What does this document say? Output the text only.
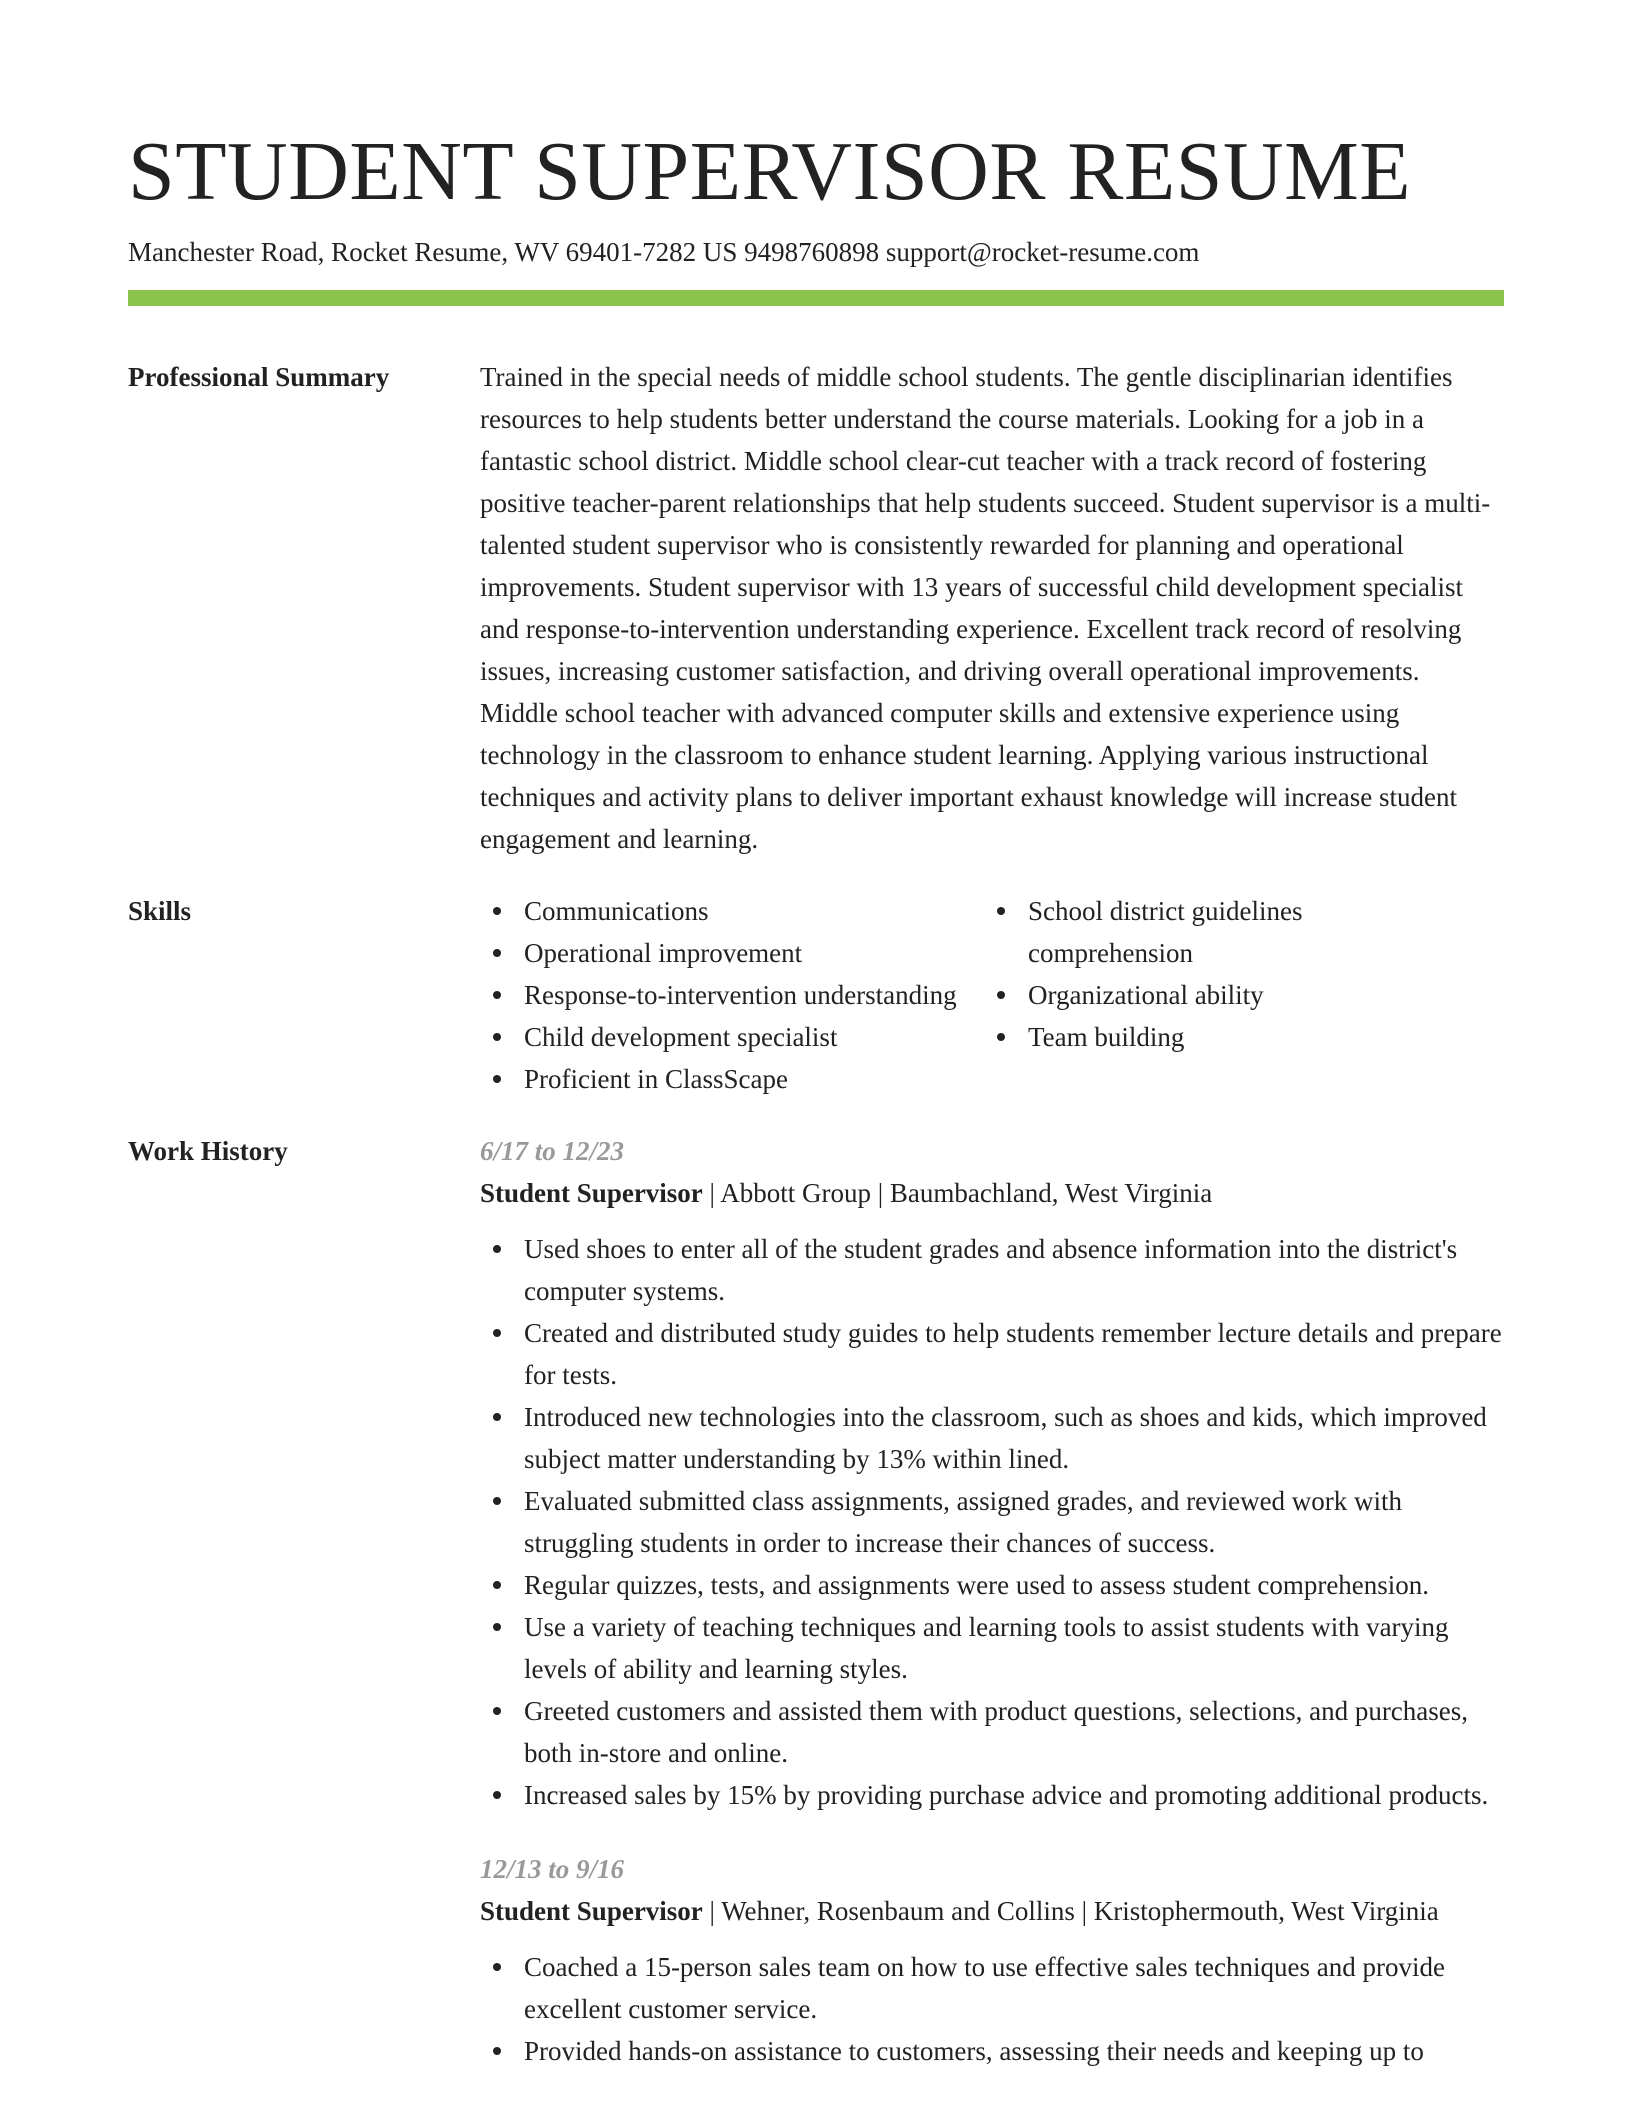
STUDENT SUPERVISOR RESUME
Manchester Road, Rocket Resume, WV 69401-7282 US 9498760898 support@rocket-resume.com
Professional Summary	Trained in the special needs of middle school students. The gentle disciplinarian identifies resources to help students better understand the course materials. Looking for a job in a fantastic school district. Middle school clear-cut teacher with a track record of fostering positive teacher-parent relationships that help students succeed. Student supervisor is a multi-talented student supervisor who is consistently rewarded for planning and operational improvements. Student supervisor with 13 years of successful child development specialist and response-to-intervention understanding experience. Excellent track record of resolving issues, increasing customer satisfaction, and driving overall operational improvements. Middle school teacher with advanced computer skills and extensive experience using technology in the classroom to enhance student learning. Applying various instructional techniques and activity plans to deliver important exhaust knowledge will increase student engagement and learning.
Skills	Communications
Operational improvement
Response-to-intervention understanding
Child development specialist
Proficient in ClassScape
School district guidelines comprehension
Organizational ability
Team building
Work History	6/17 to 12/23
Student Supervisor | Abbott Group | Baumbachland, West Virginia
Used shoes to enter all of the student grades and absence information into the district's computer systems.
Created and distributed study guides to help students remember lecture details and prepare for tests.
Introduced new technologies into the classroom, such as shoes and kids, which improved subject matter understanding by 13% within lined.
Evaluated submitted class assignments, assigned grades, and reviewed work with struggling students in order to increase their chances of success.
Regular quizzes, tests, and assignments were used to assess student comprehension.
Use a variety of teaching techniques and learning tools to assist students with varying levels of ability and learning styles.
Greeted customers and assisted them with product questions, selections, and purchases, both in-store and online.
Increased sales by 15% by providing purchase advice and promoting additional products.
12/13 to 9/16
Student Supervisor | Wehner, Rosenbaum and Collins | Kristophermouth, West Virginia
Coached a 15-person sales team on how to use effective sales techniques and provide excellent customer service.
Provided hands-on assistance to customers, assessing their needs and keeping up to
